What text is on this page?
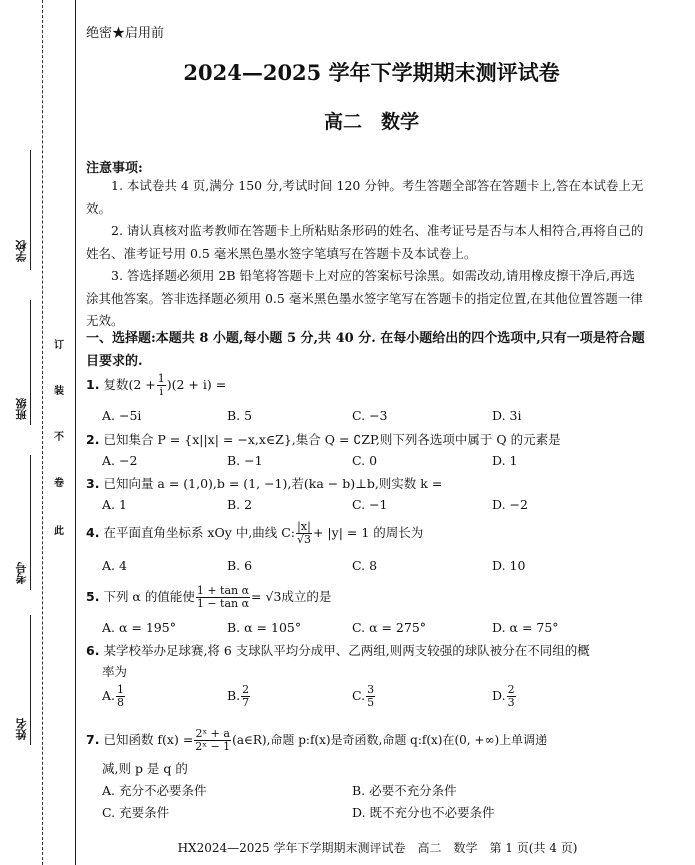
学校
班级
考号
姓名
订
装
不
卷
此
绝密★启用前
2024—2025 学年下学期期末测评试卷
高二　数学
注意事项:

1. 本试卷共 4 页,满分 150 分,考试时间 120 分钟。考生答题全部答在答题卡上,答在本试卷上无效。

2. 请认真核对监考教师在答题卡上所粘贴条形码的姓名、准考证号是否与本人相符合,再将自己的姓名、准考证号用 0.5 毫米黑色墨水签字笔填写在答题卡及本试卷上。

3. 答选择题必须用 2B 铅笔将答题卡上对应的答案标号涂黑。如需改动,请用橡皮擦干净后,再选涂其他答案。答非选择题必须用 0.5 毫米黑色墨水签字笔写在答题卡的指定位置,在其他位置答题一律无效。

一、选择题:本题共 8 小题,每小题 5 分,共 40 分. 在每小题给出的四个选项中,只有一项是符合题目要求的.
1. 复数$(2 + \frac{1}{i} )(2 + i)$ =
A. −5i	B. 5	C. −3	D. 3i
2. 已知集合 P = {x||x| = −x,x∈Z},集合 Q = ∁ZP,则下列各选项中属于 Q 的元素是
A. −2	B. −1	C. 0	D. 1
3. 已知向量 a = (1,0),b = (1, −1),若(ka − b)⊥b,则实数 k =
A. 1	B. 2	C. −1	D. −2
4. 在平面直角坐标系 xOy 中,曲线 C: $\frac{|x|}{√3} + |y| = 1$ 的周长为
A. 4	B. 6	C. 8	D. 10
5. 下列 α 的值能使 $\frac{\text{1 + tan α}}{\text{1 − tan α}} = √3$成立的是
A. α = 195°	B. α = 105°	C. α = 275°	D. α = 75°
6. 某学校举办足球赛,将 6 支球队平均分成甲、乙两组,则两支较强的球队被分在不同组的概
率为
A. $\frac{1}{8}$	B. $\frac{2}{7}$	C. $\frac{3}{5}$	D. $\frac{2}{3}$
7. 已知函数 $f(x) = \frac{\text{2ˣ + a}}{\text{2ˣ − 1}}$ (a∈R),命题 p:f(x)是奇函数,命题 q:f(x)在(0, +∞)上单调递
减,则 p 是 q 的
A. 充分不必要条件	B. 必要不充分条件
C. 充要条件	D. 既不充分也不必要条件
HX2024—2025 学年下学期期末测评试卷　高二　数学　第 1 页(共 4 页)
